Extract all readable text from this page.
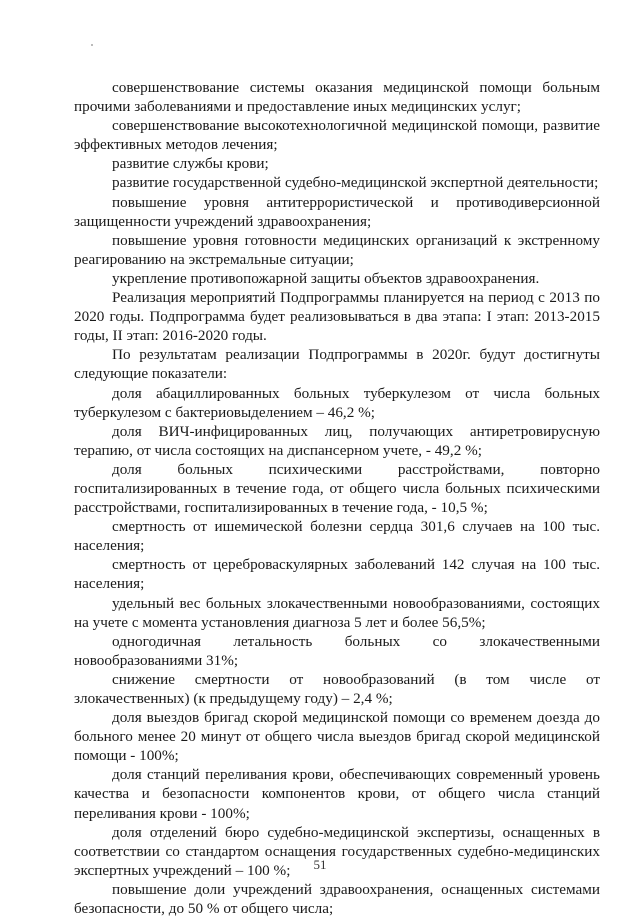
совершенствование системы оказания медицинской помощи больным прочими заболеваниями и предоставление иных медицинских услуг;

совершенствование высокотехнологичной медицинской помощи, развитие эффективных методов лечения;

развитие службы крови;

развитие государственной судебно-медицинской экспертной деятельности;

повышение уровня антитеррористической и противодиверсионной защищенности учреждений здравоохранения;

повышение уровня готовности медицинских организаций к экстренному реагированию на экстремальные ситуации;

укрепление противопожарной защиты объектов здравоохранения.

Реализация мероприятий Подпрограммы планируется на период с 2013 по 2020 годы. Подпрограмма будет реализовываться в два этапа: I этап: 2013-2015 годы, II этап: 2016-2020 годы.

По результатам реализации Подпрограммы в 2020г. будут достигнуты следующие показатели:

доля абациллированных больных туберкулезом от числа больных туберкулезом с бактериовыделением – 46,2 %;

доля ВИЧ-инфицированных лиц, получающих антиретровирусную терапию, от числа состоящих на диспансерном учете, - 49,2 %;

доля больных психическими расстройствами, повторно госпитализированных в течение года, от общего числа больных психическими расстройствами, госпитализированных в течение года, - 10,5 %;

смертность от ишемической болезни сердца 301,6 случаев на 100 тыс. населения;

смертность от цереброваскулярных заболеваний 142 случая на 100 тыс. населения;

удельный вес больных злокачественными новообразованиями, состоящих на учете с момента установления диагноза 5 лет и более 56,5%;

одногодичная летальность больных со злокачественными новообразованиями 31%;

снижение смертности от новообразований (в том числе от злокачественных) (к предыдущему году) – 2,4 %;

доля выездов бригад скорой медицинской помощи со временем доезда до больного менее 20 минут от общего числа выездов бригад скорой медицинской помощи - 100%;

доля станций переливания крови, обеспечивающих современный уровень качества и безопасности компонентов крови, от общего числа станций переливания крови - 100%;

доля отделений бюро судебно-медицинской экспертизы, оснащенных в соответствии со стандартом оснащения государственных судебно-медицинских экспертных учреждений – 100 %;

повышение доли учреждений здравоохранения, оснащенных системами безопасности, до 50 % от общего числа;

51
